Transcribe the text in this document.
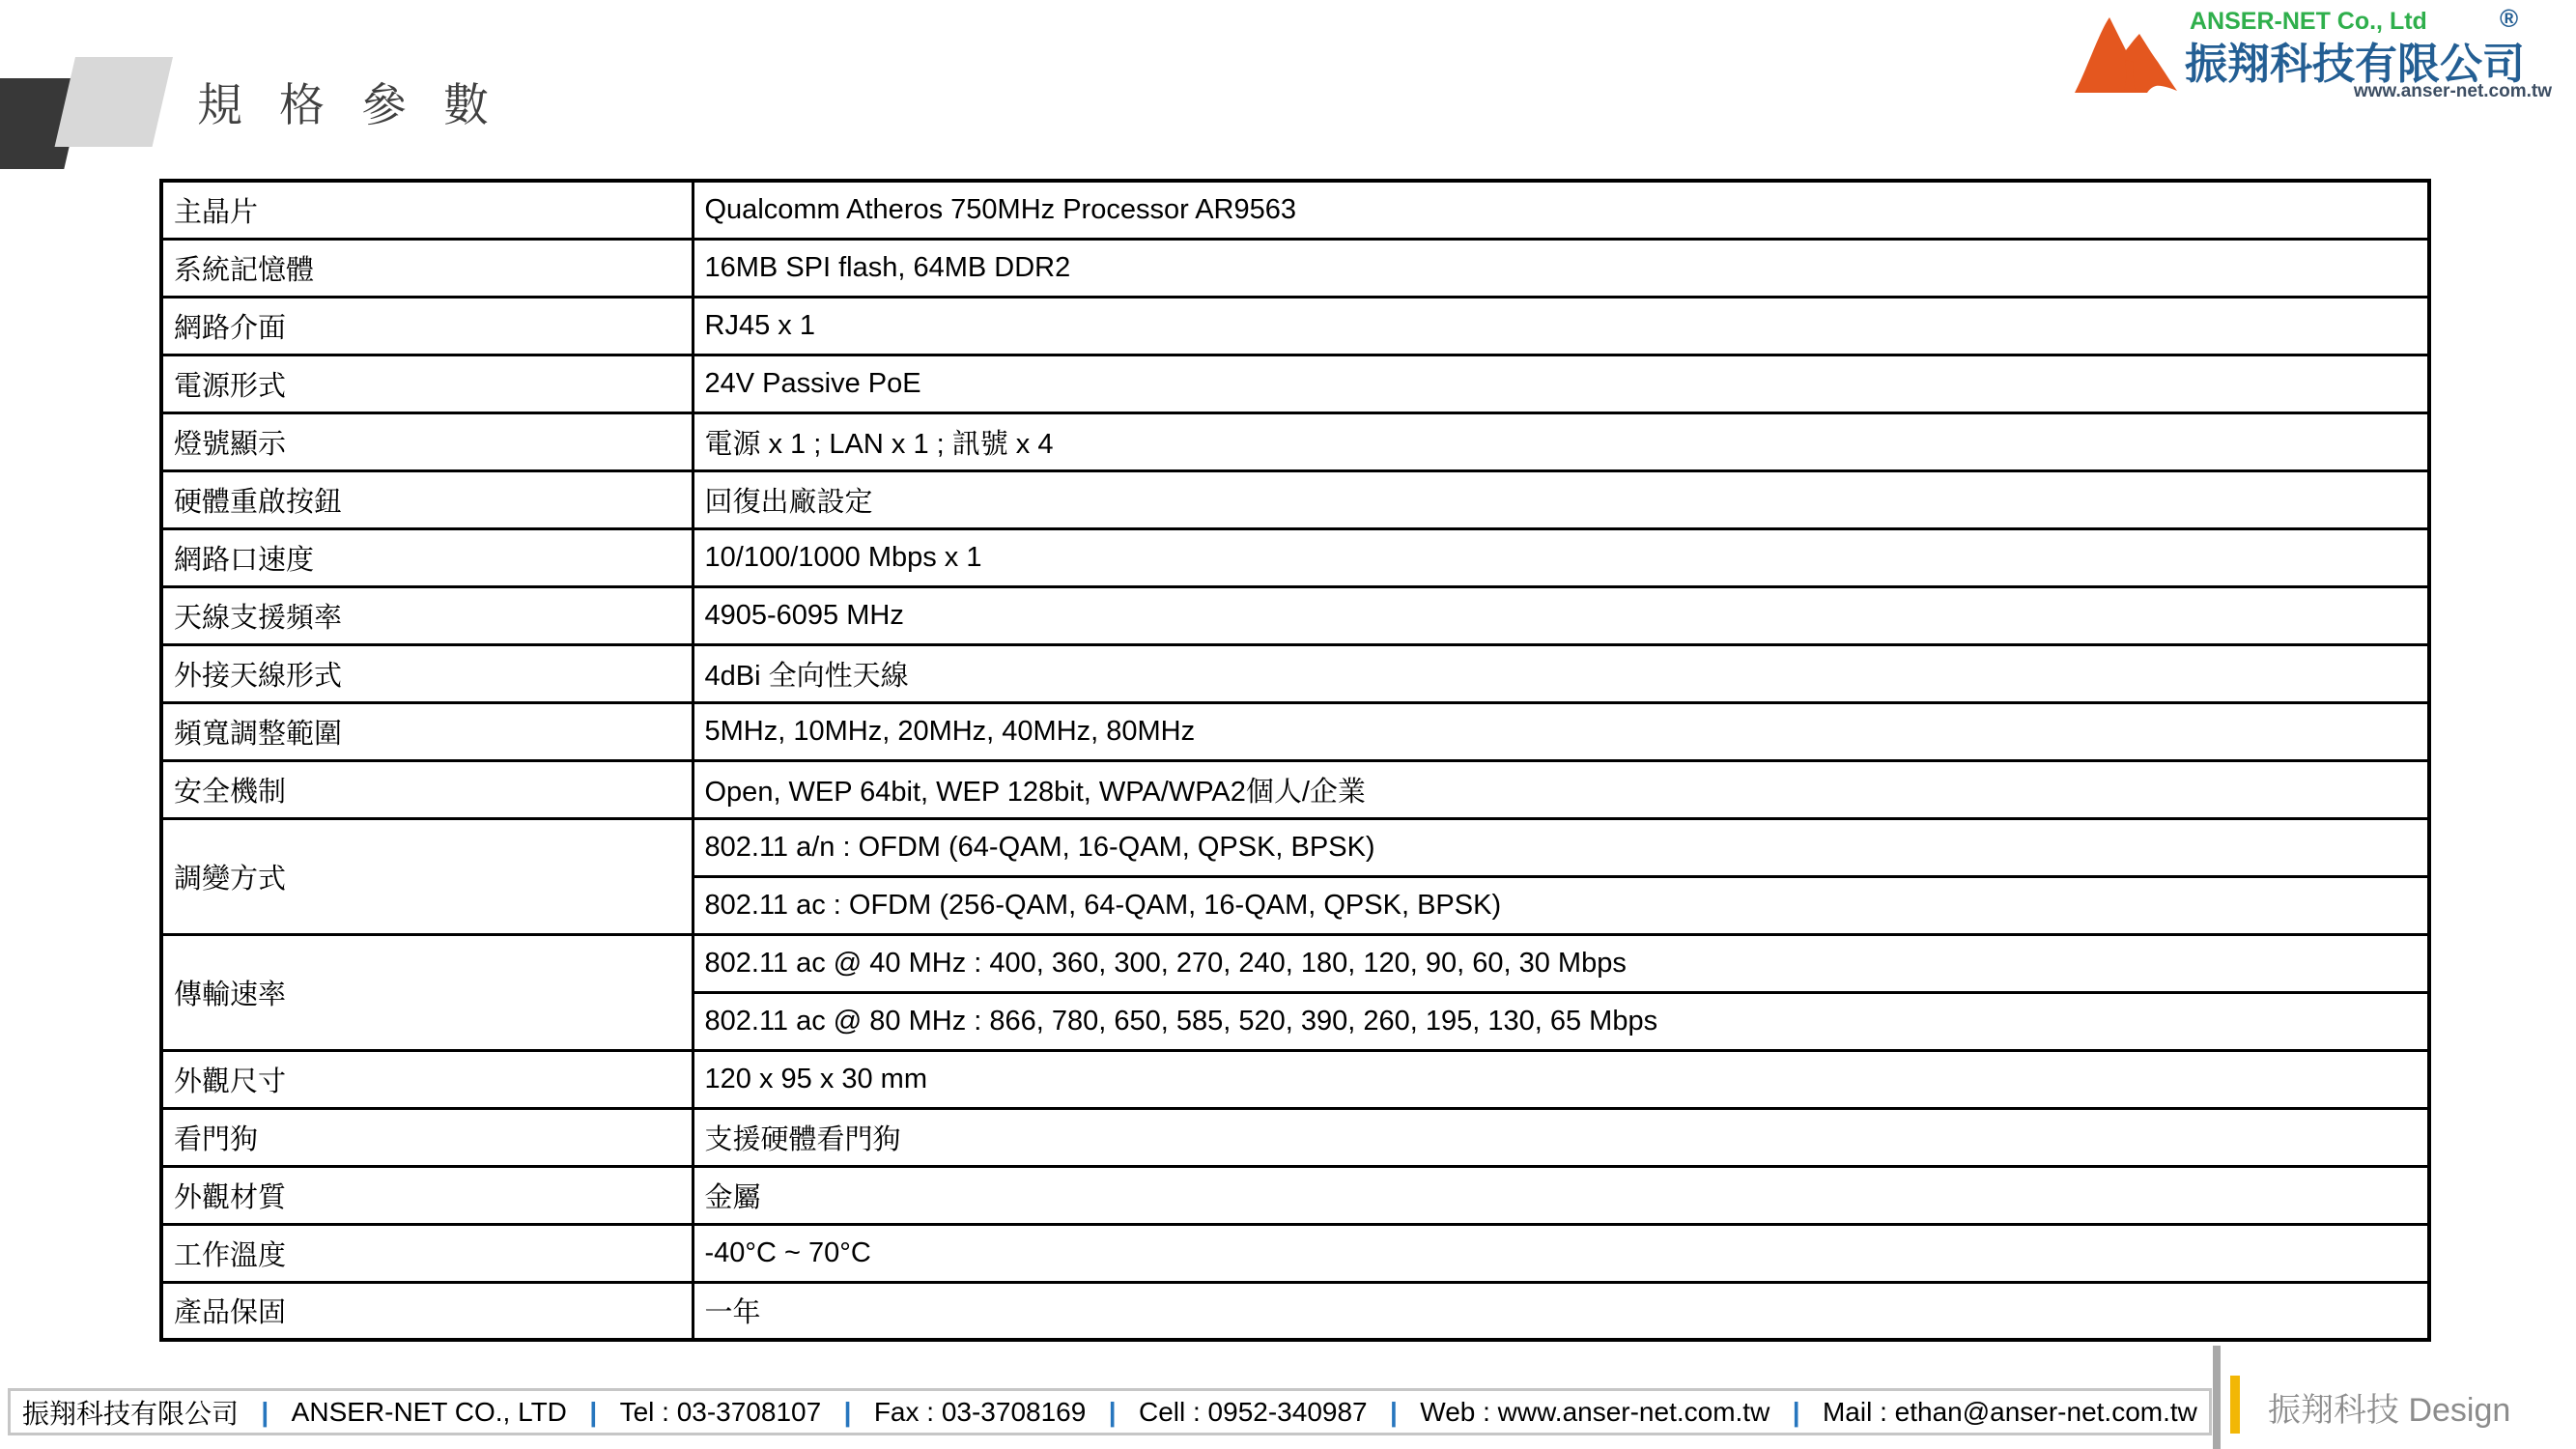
規格參數
ANSER-NET Co., Ltd
振翔科技有限公司
®
www.anser-net.com.tw
主晶片	Qualcomm Atheros 750MHz Processor AR9563
系統記憶體	16MB SPI flash, 64MB DDR2
網路介面	RJ45 x 1
電源形式	24V Passive PoE
燈號顯示	電源 x 1 ; LAN x 1 ; 訊號 x 4
硬體重啟按鈕	回復出廠設定
網路口速度	10/100/1000 Mbps x 1
天線支援頻率	4905-6095 MHz
外接天線形式	4dBi 全向性天線
頻寬調整範圍	5MHz, 10MHz, 20MHz, 40MHz, 80MHz
安全機制	Open, WEP 64bit, WEP 128bit, WPA/WPA2個人/企業
調變方式	802.11 a/n : OFDM (64-QAM, 16-QAM, QPSK, BPSK)
	802.11 ac : OFDM (256-QAM, 64-QAM, 16-QAM, QPSK, BPSK)
傳輸速率	802.11 ac @ 40 MHz : 400, 360, 300, 270, 240, 180, 120, 90, 60, 30 Mbps
	802.11 ac @ 80 MHz : 866, 780, 650, 585, 520, 390, 260, 195, 130, 65 Mbps
外觀尺寸	120 x 95 x 30 mm
看門狗	支援硬體看門狗
外觀材質	金屬
工作溫度	-40°C ~ 70°C
產品保固	一年
振翔科技有限公司 | ANSER-NET CO., LTD | Tel : 03-3708107 | Fax : 03-3708169 | Cell : 0952-340987 | Web : www.anser-net.com.tw | Mail : ethan@anser-net.com.tw 振翔科技 Design
